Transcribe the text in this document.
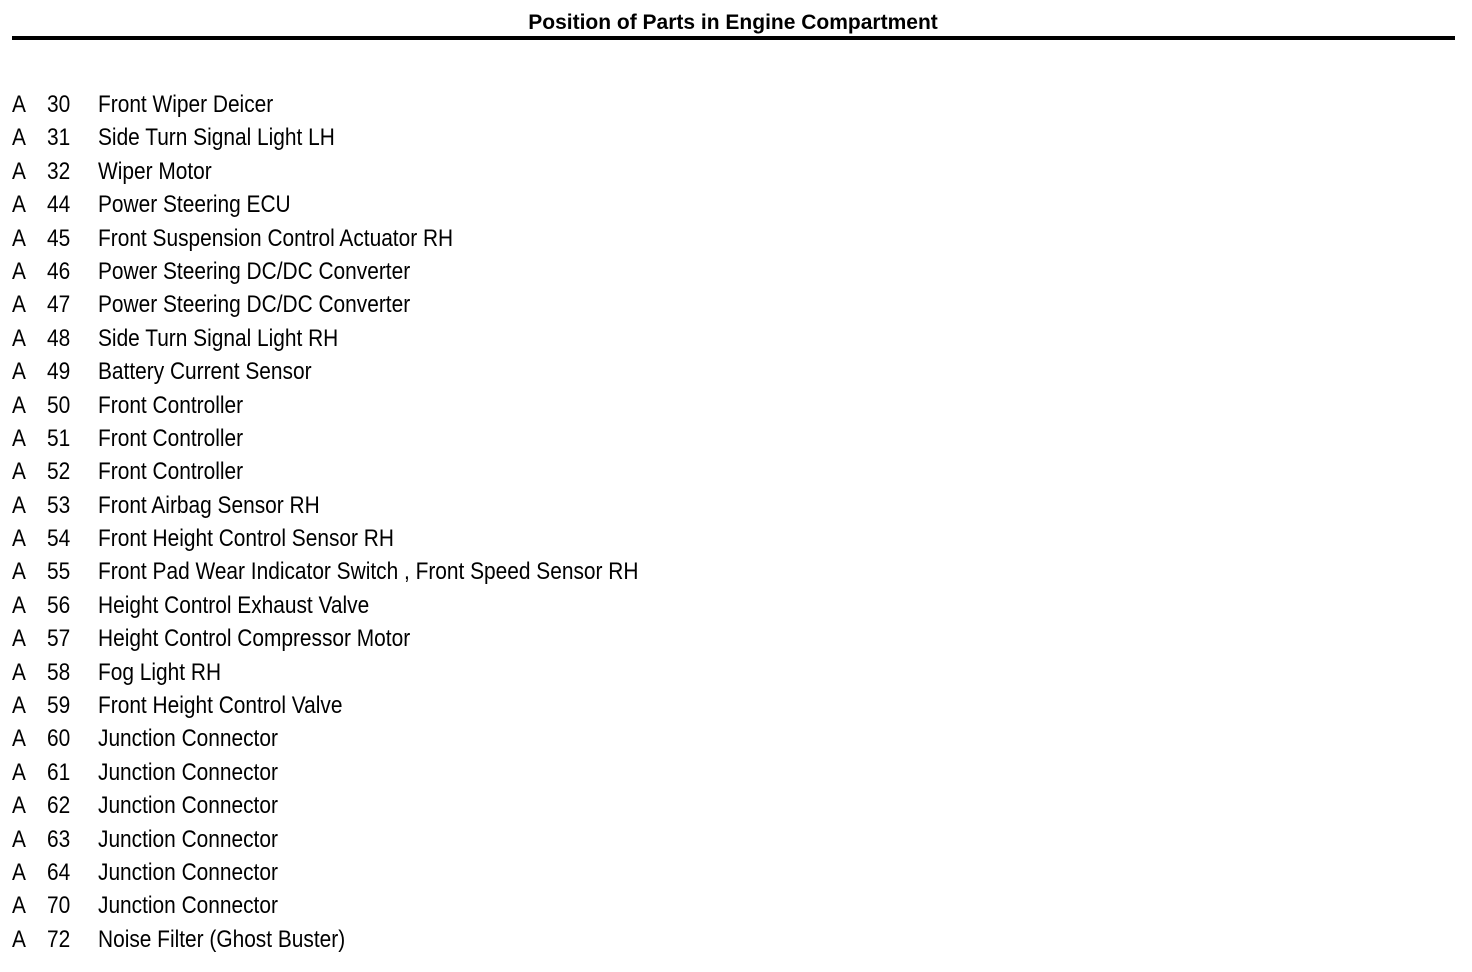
Position of Parts in Engine Compartment
A 30 Front Wiper Deicer
A 31 Side Turn Signal Light LH
A 32 Wiper Motor
A 44 Power Steering ECU
A 45 Front Suspension Control Actuator RH
A 46 Power Steering DC/DC Converter
A 47 Power Steering DC/DC Converter
A 48 Side Turn Signal Light RH
A 49 Battery Current Sensor
A 50 Front Controller
A 51 Front Controller
A 52 Front Controller
A 53 Front Airbag Sensor RH
A 54 Front Height Control Sensor RH
A 55 Front Pad Wear Indicator Switch , Front Speed Sensor RH
A 56 Height Control Exhaust Valve
A 57 Height Control Compressor Motor
A 58 Fog Light RH
A 59 Front Height Control Valve
A 60 Junction Connector
A 61 Junction Connector
A 62 Junction Connector
A 63 Junction Connector
A 64 Junction Connector
A 70 Junction Connector
A 72 Noise Filter (Ghost Buster)
